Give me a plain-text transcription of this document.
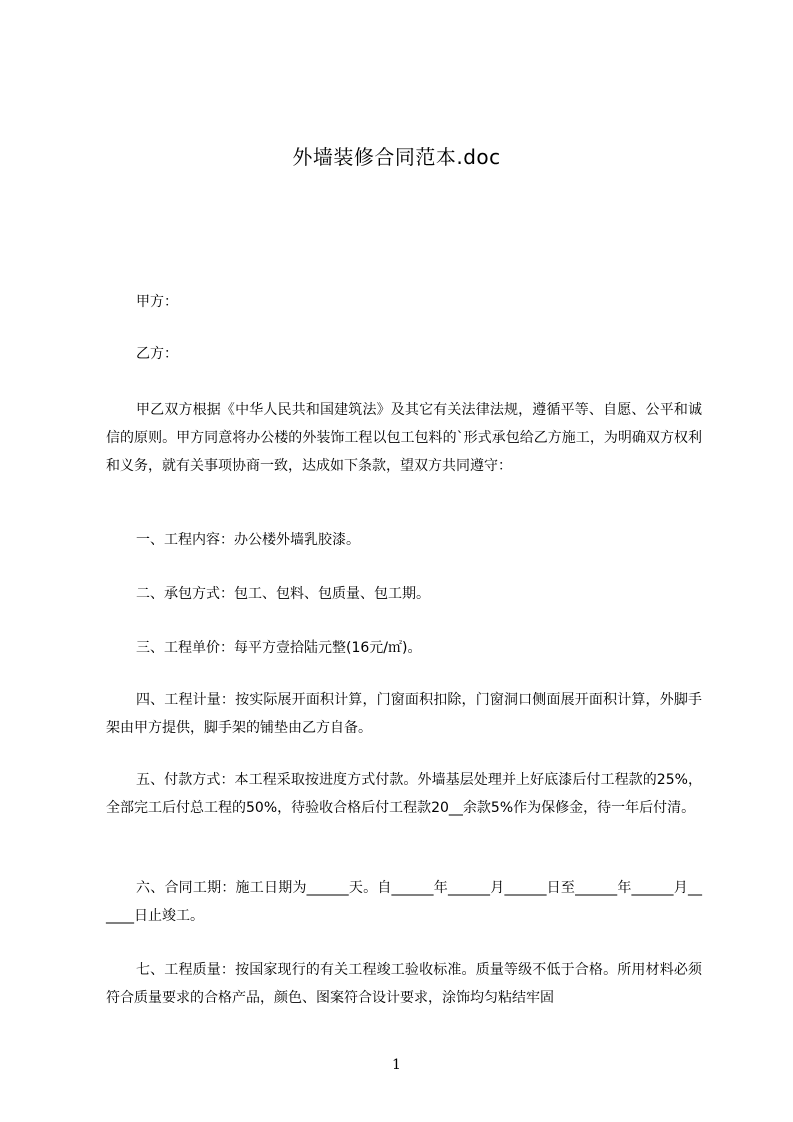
外墙装修合同范本.doc
甲方：
乙方：
甲乙双方根据《中华人民共和国建筑法》及其它有关法律法规，遵循平等、自愿、公平和诚信的原则。甲方同意将办公楼的外装饰工程以包工包料的`形式承包给乙方施工，为明确双方权利和义务，就有关事项协商一致，达成如下条款，望双方共同遵守：
一、工程内容：办公楼外墙乳胶漆。
二、承包方式：包工、包料、包质量、包工期。
三、工程单价：每平方壹拾陆元整(16元/㎡)。
四、工程计量：按实际展开面积计算，门窗面积扣除，门窗洞口侧面展开面积计算，外脚手架由甲方提供，脚手架的铺垫由乙方自备。
五、付款方式：本工程采取按进度方式付款。外墙基层处理并上好底漆后付工程款的25%，全部完工后付总工程的50%，待验收合格后付工程款20__余款5%作为保修金，待一年后付清。
六、合同工期：施工日期为______天。自______年______月______日至______年______月______日止竣工。
七、工程质量：按国家现行的有关工程竣工验收标准。质量等级不低于合格。所用材料必须符合质量要求的合格产品，颜色、图案符合设计要求，涂饰均匀粘结牢固
1
